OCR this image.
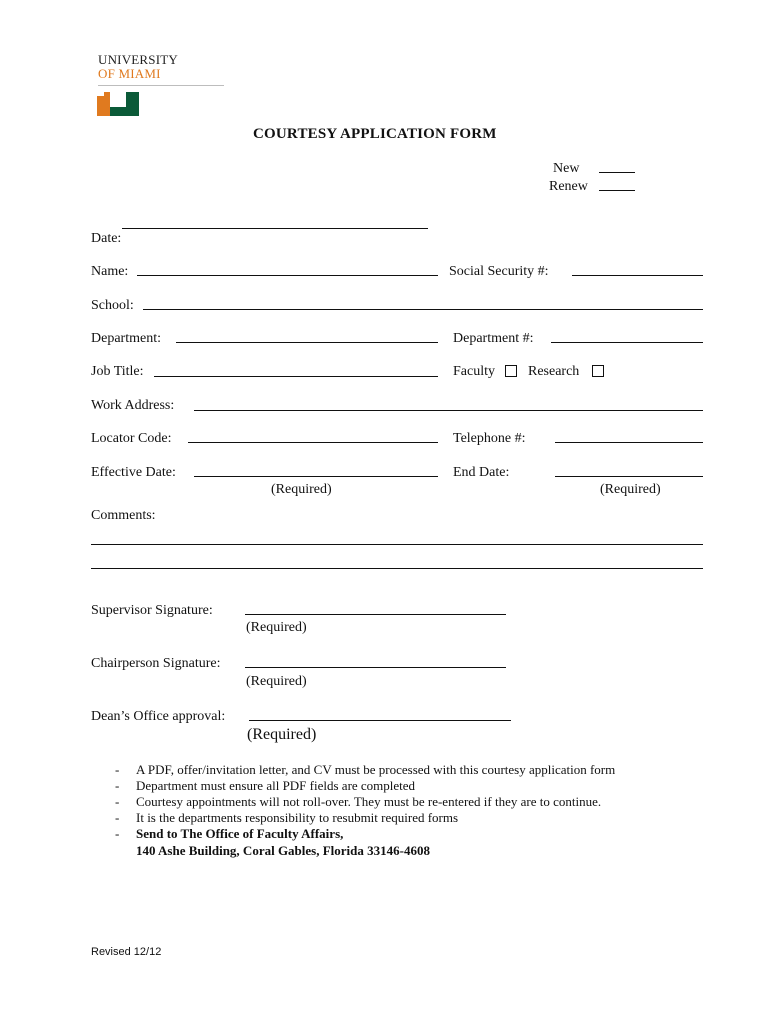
UNIVERSITY
OF MIAMI
COURTESY APPLICATION FORM
New
Renew
Date:
Name:	Social Security #:
School:
Department:	Department #:
Job Title:	Faculty Research
Work Address:
Locator Code:	Telephone #:
Effective Date:	End Date:
(Required)	(Required)
Comments:
Supervisor Signature:
(Required)
Chairperson Signature:
(Required)
Dean’s Office approval:
(Required)
- A PDF, offer/invitation letter, and CV must be processed with this courtesy application form
- Department must ensure all PDF fields are completed
- Courtesy appointments will not roll-over. They must be re-entered if they are to continue.
- It is the departments responsibility to resubmit required forms
- Send to The Office of Faculty Affairs,
140 Ashe Building, Coral Gables, Florida 33146-4608
Revised 12/12
